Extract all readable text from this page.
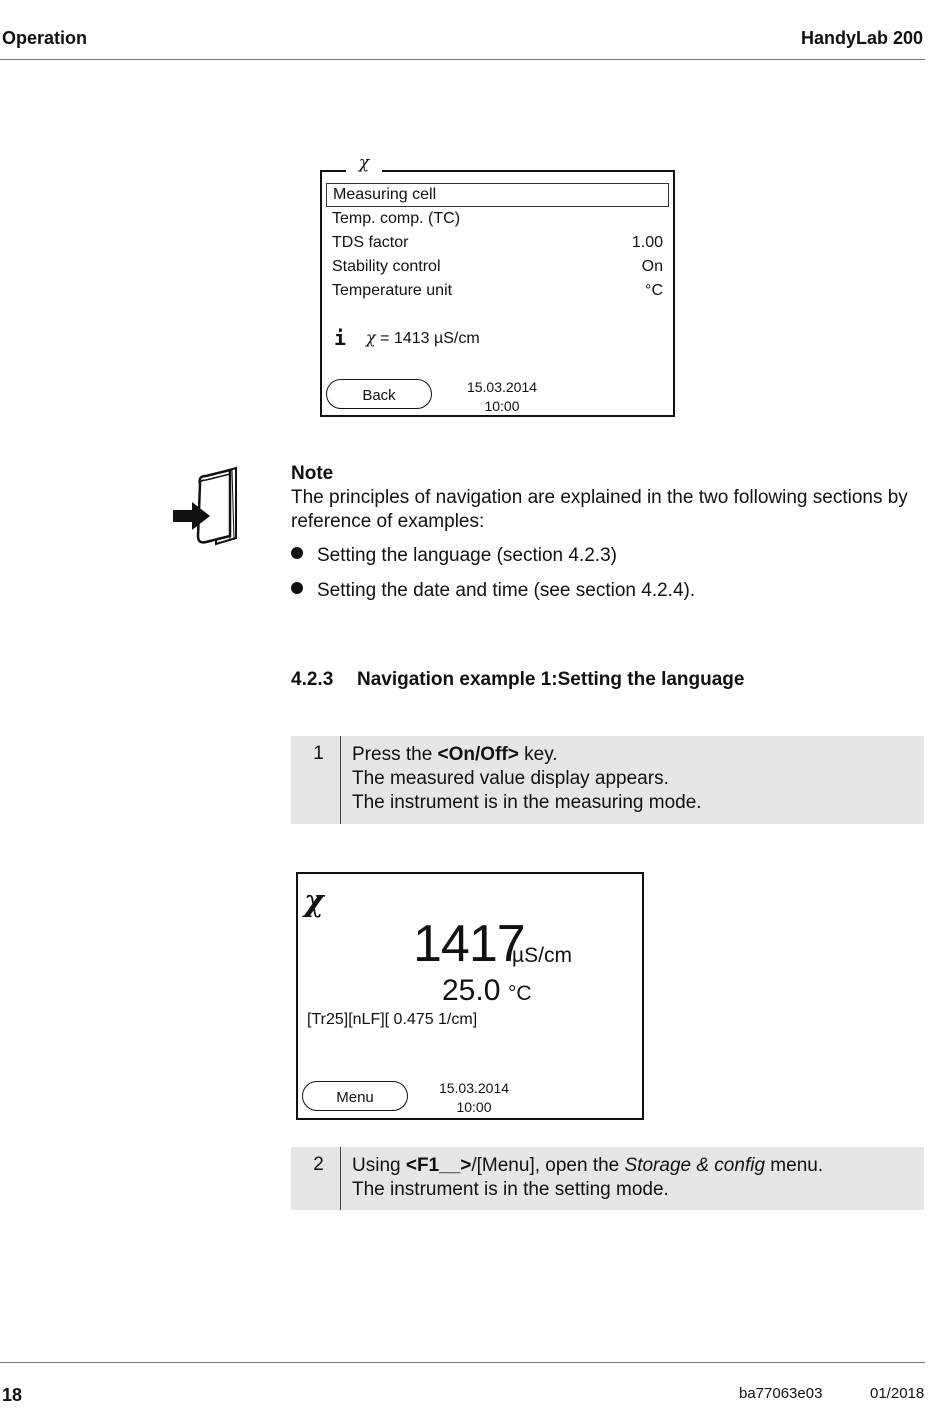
Operation	HandyLab 200
Measuring cell
Temp. comp. (TC)
TDS factor	1.00
Stability control	On
Temperature unit	°C
i χ = 1413 µS/cm
Back	15.03.2014
10:00
χ
Note
The principles of navigation are explained in the two following sections by reference of examples:
Setting the language (section 4.2.3)
Setting the date and time (see section 4.2.4).
4.2.3 Navigation example 1:Setting the language
1	Press the <On/Off> key.
The measured value display appears.
The instrument is in the measuring mode.
χ
1417
µS/cm
25.0 °C
[Tr25][nLF][ 0.475 1/cm]
Menu
15.03.2014
10:00
2	Using <F1__>/[Menu], open the Storage & config menu.
The instrument is in the setting mode.
18	ba77063e03	01/2018
